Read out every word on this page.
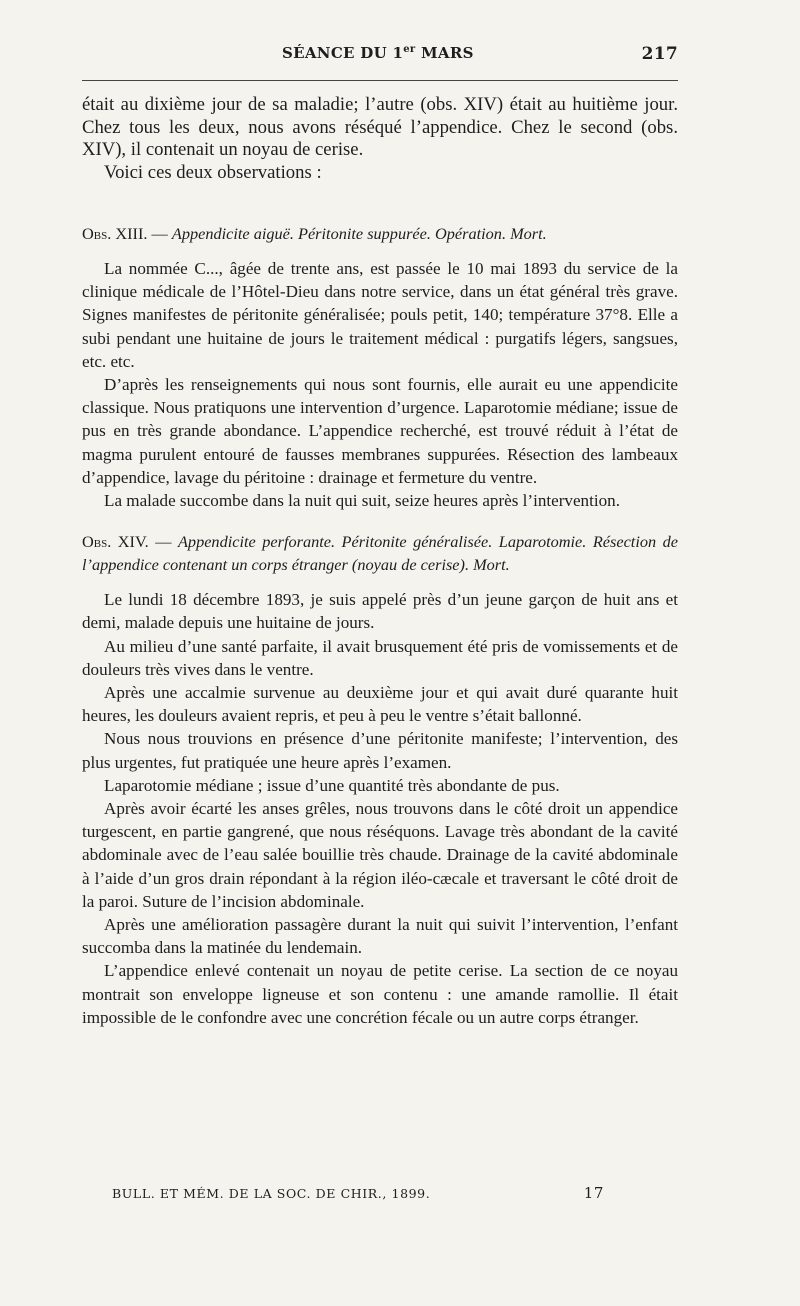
SÉANCE DU 1er MARS	217

était au dixième jour de sa maladie; l’autre (obs. XIV) était au huitième jour. Chez tous les deux, nous avons réséqué l’appendice. Chez le second (obs. XIV), il contenait un noyau de cerise.

Voici ces deux observations :

Obs. XIII. — Appendicite aiguë. Péritonite suppurée. Opération. Mort.

La nommée C..., âgée de trente ans, est passée le 10 mai 1893 du service de la clinique médicale de l’Hôtel-Dieu dans notre service, dans un état général très grave. Signes manifestes de péritonite généralisée; pouls petit, 140; température 37°8. Elle a subi pendant une huitaine de jours le traitement médical : purgatifs légers, sangsues, etc. etc.

D’après les renseignements qui nous sont fournis, elle aurait eu une appendicite classique. Nous pratiquons une intervention d’urgence. Laparotomie médiane; issue de pus en très grande abondance. L’appendice recherché, est trouvé réduit à l’état de magma purulent entouré de fausses membranes suppurées. Résection des lambeaux d’appendice, lavage du péritoine : drainage et fermeture du ventre.

La malade succombe dans la nuit qui suit, seize heures après l’intervention.

Obs. XIV. — Appendicite perforante. Péritonite généralisée. Laparotomie. Résection de l’appendice contenant un corps étranger (noyau de cerise). Mort.

Le lundi 18 décembre 1893, je suis appelé près d’un jeune garçon de huit ans et demi, malade depuis une huitaine de jours.

Au milieu d’une santé parfaite, il avait brusquement été pris de vomissements et de douleurs très vives dans le ventre.

Après une accalmie survenue au deuxième jour et qui avait duré quarante huit heures, les douleurs avaient repris, et peu à peu le ventre s’était ballonné.

Nous nous trouvions en présence d’une péritonite manifeste; l’intervention, des plus urgentes, fut pratiquée une heure après l’examen.

Laparotomie médiane ; issue d’une quantité très abondante de pus.

Après avoir écarté les anses grêles, nous trouvons dans le côté droit un appendice turgescent, en partie gangrené, que nous réséquons. Lavage très abondant de la cavité abdominale avec de l’eau salée bouillie très chaude. Drainage de la cavité abdominale à l’aide d’un gros drain répondant à la région iléo-cæcale et traversant le côté droit de la paroi. Suture de l’incision abdominale.

Après une amélioration passagère durant la nuit qui suivit l’intervention, l’enfant succomba dans la matinée du lendemain.

L’appendice enlevé contenait un noyau de petite cerise. La section de ce noyau montrait son enveloppe ligneuse et son contenu : une amande ramollie. Il était impossible de le confondre avec une concrétion fécale ou un autre corps étranger.

BULL. ET MÉM. DE LA SOC. DE CHIR., 1899.	17
